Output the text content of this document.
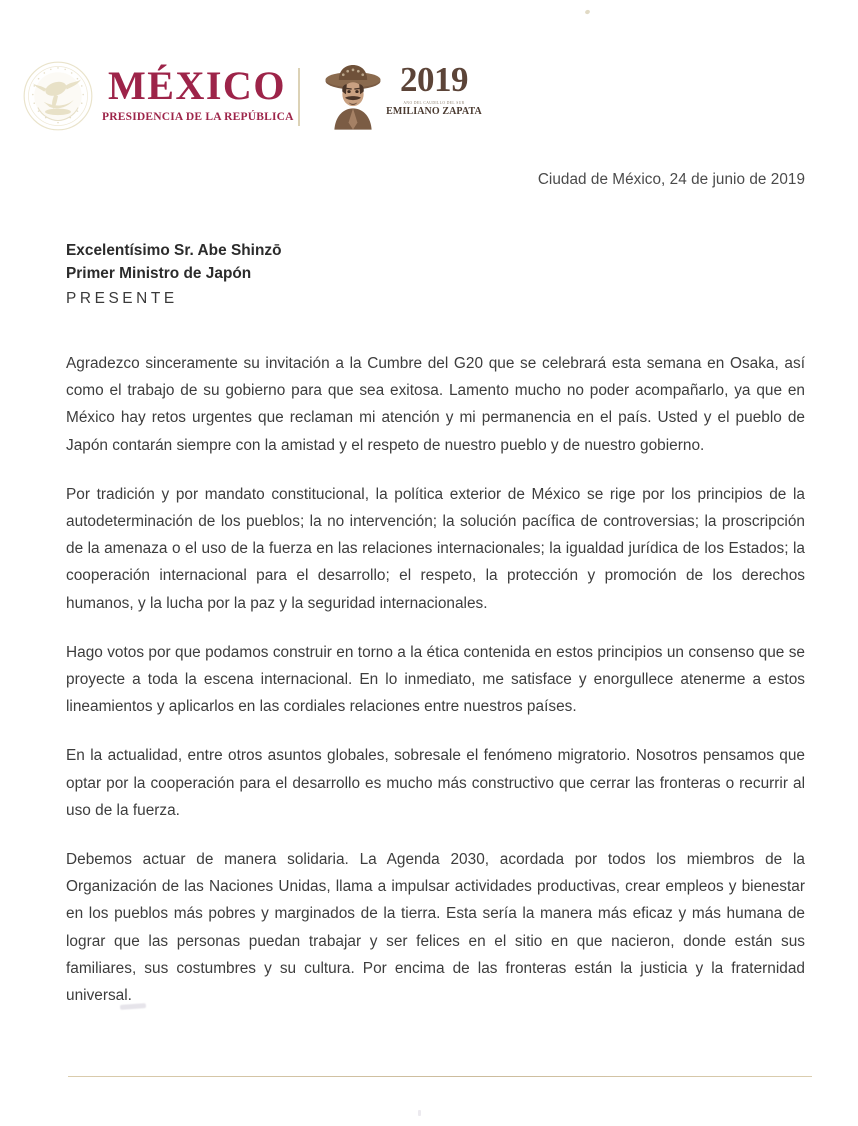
MÉXICO
PRESIDENCIA DE LA REPÚBLICA
2019
AÑO DEL CAUDILLO DEL SUR
EMILIANO ZAPATA
Ciudad de México, 24 de junio de 2019
Excelentísimo Sr. Abe Shinzō
Primer Ministro de Japón
PRESENTE

Agradezco sinceramente su invitación a la Cumbre del G20 que se celebrará esta semana en Osaka, así como el trabajo de su gobierno para que sea exitosa. Lamento mucho no poder acompañarlo, ya que en México hay retos urgentes que reclaman mi atención y mi permanencia en el país. Usted y el pueblo de Japón contarán siempre con la amistad y el respeto de nuestro pueblo y de nuestro gobierno.

Por tradición y por mandato constitucional, la política exterior de México se rige por los principios de la autodeterminación de los pueblos; la no intervención; la solución pacífica de controversias; la proscripción de la amenaza o el uso de la fuerza en las relaciones internacionales; la igualdad jurídica de los Estados; la cooperación internacional para el desarrollo; el respeto, la protección y promoción de los derechos humanos, y la lucha por la paz y la seguridad internacionales.

Hago votos por que podamos construir en torno a la ética contenida en estos principios un consenso que se proyecte a toda la escena internacional. En lo inmediato, me satisface y enorgullece atenerme a estos lineamientos y aplicarlos en las cordiales relaciones entre nuestros países.

En la actualidad, entre otros asuntos globales, sobresale el fenómeno migratorio. Nosotros pensamos que optar por la cooperación para el desarrollo es mucho más constructivo que cerrar las fronteras o recurrir al uso de la fuerza.

Debemos actuar de manera solidaria. La Agenda 2030, acordada por todos los miembros de la Organización de las Naciones Unidas, llama a impulsar actividades productivas, crear empleos y bienestar en los pueblos más pobres y marginados de la tierra. Esta sería la manera más eficaz y más humana de lograr que las personas puedan trabajar y ser felices en el sitio en que nacieron, donde están sus familiares, sus costumbres y su cultura. Por encima de las fronteras están la justicia y la fraternidad universal.
